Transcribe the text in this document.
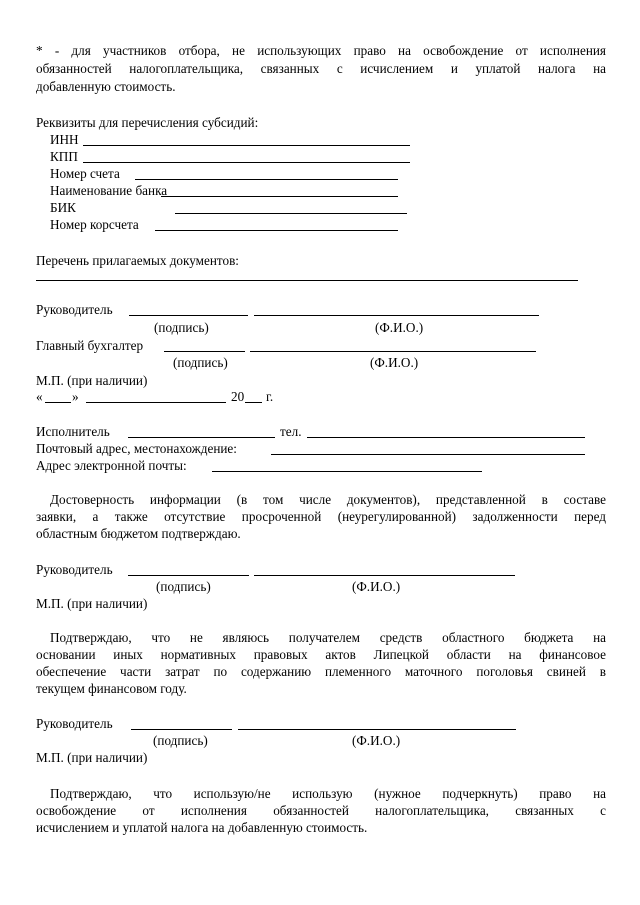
* - для участников отбора, не использующих право на освобождение от исполнения
обязанностей налогоплательщика, связанных с исчислением и уплатой налога на
добавленную стоимость.
Реквизиты для перечисления субсидий:
ИНН
КПП
Номер счета
Наименование банка
БИК
Номер корсчета
Перечень прилагаемых документов:
Руководитель
(подпись)	(Ф.И.О.)
Главный бухгалтер
(подпись)	(Ф.И.О.)
М.П. (при наличии)
« »	20 г.
Исполнитель	тел.
Почтовый адрес, местонахождение:
Адрес электронной почты:
Достоверность информации (в том числе документов), представленной в составе
заявки, а также отсутствие просроченной (неурегулированной) задолженности перед
областным бюджетом подтверждаю.
Руководитель
(подпись)	(Ф.И.О.)
М.П. (при наличии)
Подтверждаю, что не являюсь получателем средств областного бюджета на
основании иных нормативных правовых актов Липецкой области на финансовое
обеспечение части затрат по содержанию племенного маточного поголовья свиней в
текущем финансовом году.
Руководитель
(подпись)	(Ф.И.О.)
М.П. (при наличии)
Подтверждаю, что использую/не использую (нужное подчеркнуть) право на
освобождение от исполнения обязанностей налогоплательщика, связанных с
исчислением и уплатой налога на добавленную стоимость.
